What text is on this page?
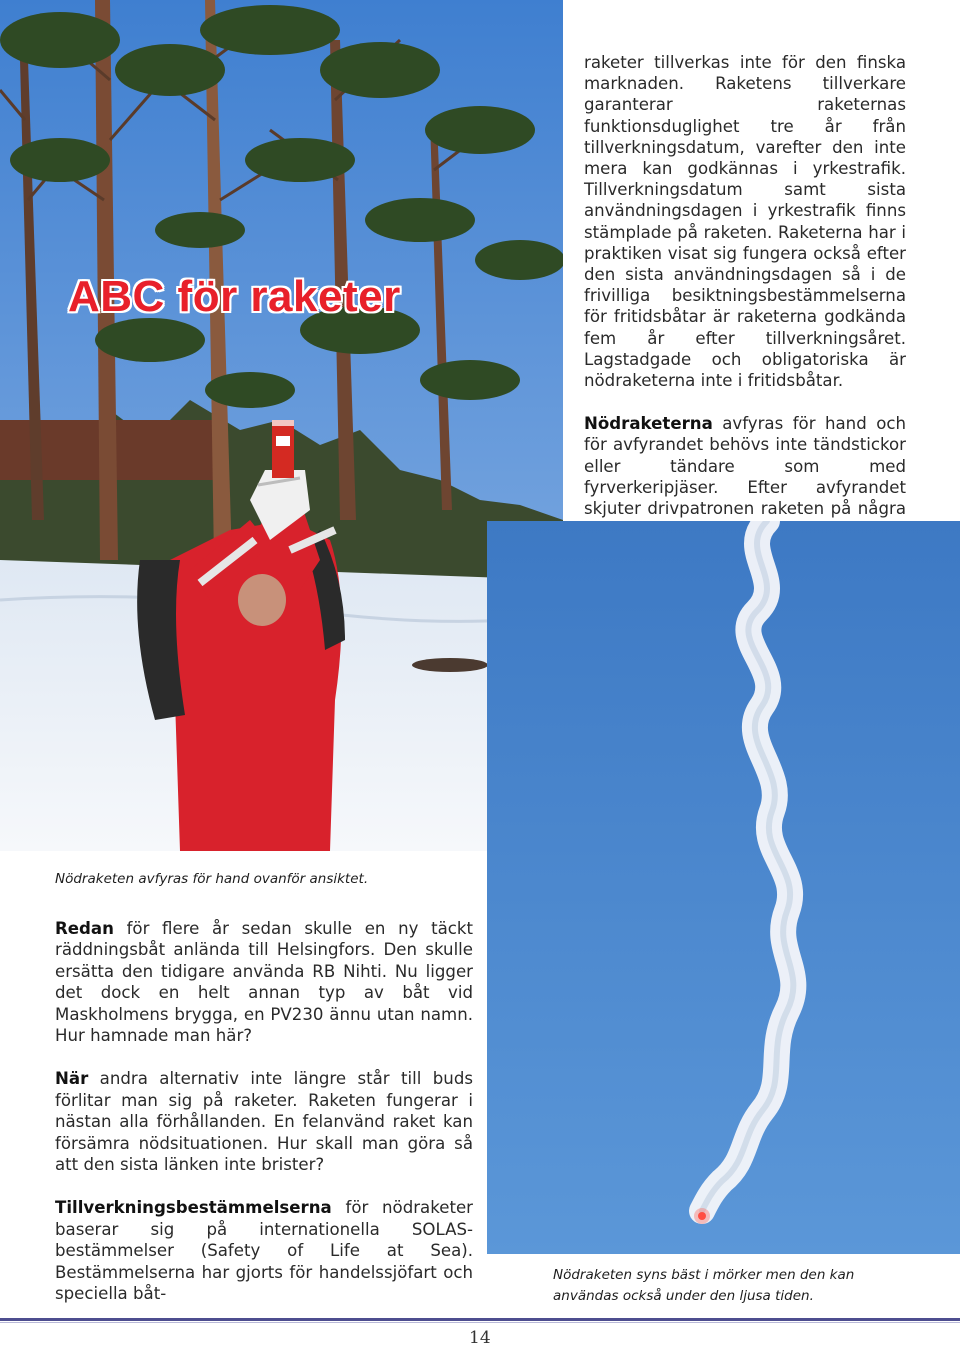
ABC för raketer

raketer tillverkas inte för den finska marknaden. Raketens tillverkare garanterar raketernas funktionsduglighet tre år från tillverkningsdatum, varefter den inte mera kan godkännas i yrkestrafik. Tillverkningsdatum samt sista användningsdagen i yrkestrafik finns stämplade på raketen. Raketerna har i praktiken visat sig fungera också efter den sista användningsdagen så i de frivilliga besiktningsbestämmelserna för fritidsbåtar är raketerna godkända fem år efter tillverkningsåret. Lagstadgade och obligatoriska är nödraketerna inte i fritidsbåtar.

Nödraketerna avfyras för hand och för avfyrandet behövs inte tändstickor eller tändare som med fyrverkeripjäser. Efter avfyrandet skjuter drivpatronen raketen på några

Nödraketen avfyras för hand ovanför ansiktet.

Redan för flere år sedan skulle en ny täckt räddningsbåt anlända till Helsingfors. Den skulle ersätta den tidigare använda RB Nihti. Nu ligger det dock en helt annan typ av båt vid Maskholmens brygga, en PV230 ännu utan namn. Hur hamnade man här?

När andra alternativ inte längre står till buds förlitar man sig på raketer. Raketen fungerar i nästan alla förhållanden. En felanvänd raket kan försämra nödsituationen. Hur skall man göra så att den sista länken inte brister?

Tillverkningsbestämmelserna för nödraketer baserar sig på internationella SOLAS-bestämmelser (Safety of Life at Sea). Bestämmelserna har gjorts för handelssjöfart och speciella båt-

Nödraketen syns bäst i mörker men den kan användas också under den ljusa tiden.
14
